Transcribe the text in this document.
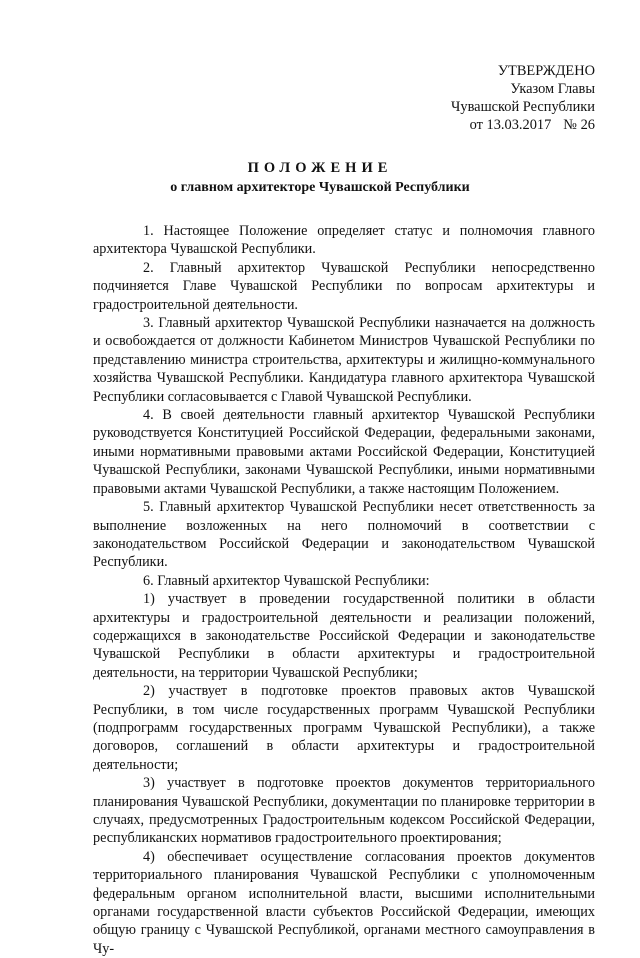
УТВЕРЖДЕНО
Указом Главы
Чувашской Республики
от 13.03.2017 № 26
ПОЛОЖЕНИЕ
о главном архитекторе Чувашской Республики

1. Настоящее Положение определяет статус и полномочия главного архитектора Чувашской Республики.

2. Главный архитектор Чувашской Республики непосредственно подчиняется Главе Чувашской Республики по вопросам архитектуры и градостроительной деятельности.

3. Главный архитектор Чувашской Республики назначается на должность и освобождается от должности Кабинетом Министров Чувашской Республики по представлению министра строительства, архитектуры и жилищно-коммунального хозяйства Чувашской Республики. Кандидатура главного архитектора Чувашской Республики согласовывается с Главой Чувашской Республики.

4. В своей деятельности главный архитектор Чувашской Республики руководствуется Конституцией Российской Федерации, федеральными законами, иными нормативными правовыми актами Российской Федерации, Конституцией Чувашской Республики, законами Чувашской Республики, иными нормативными правовыми актами Чувашской Республики, а также настоящим Положением.

5. Главный архитектор Чувашской Республики несет ответственность за выполнение возложенных на него полномочий в соответствии с законодательством Российской Федерации и законодательством Чувашской Республики.

6. Главный архитектор Чувашской Республики:

1) участвует в проведении государственной политики в области архитектуры и градостроительной деятельности и реализации положений, содержащихся в законодательстве Российской Федерации и законодательстве Чувашской Республики в области архитектуры и градостроительной деятельности, на территории Чувашской Республики;

2) участвует в подготовке проектов правовых актов Чувашской Республики, в том числе государственных программ Чувашской Республики (подпрограмм государственных программ Чувашской Республики), а также договоров, соглашений в области архитектуры и градостроительной деятельности;

3) участвует в подготовке проектов документов территориального планирования Чувашской Республики, документации по планировке территории в случаях, предусмотренных Градостроительным кодексом Российской Федерации, республиканских нормативов градостроительного проектирования;

4) обеспечивает осуществление согласования проектов документов территориального планирования Чувашской Республики с уполномоченным федеральным органом исполнительной власти, высшими исполнительными органами государственной власти субъектов Российской Федерации, имеющих общую границу с Чувашской Республикой, органами местного самоуправления в Чу-
